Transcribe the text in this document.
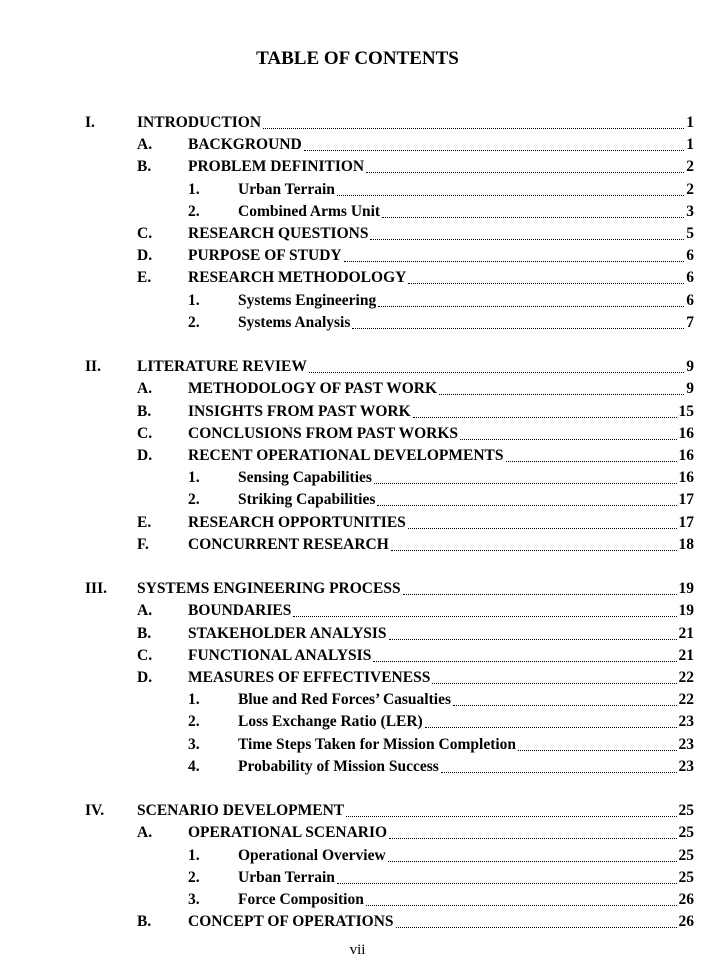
TABLE OF CONTENTS
I.	INTRODUCTION	1
A. BACKGROUND	1
B. PROBLEM DEFINITION	2
1. Urban Terrain	2
2. Combined Arms Unit	3
C. RESEARCH QUESTIONS	5
D. PURPOSE OF STUDY	6
E. RESEARCH METHODOLOGY	6
1. Systems Engineering	6
2. Systems Analysis	7
II. LITERATURE REVIEW	9
A. METHODOLOGY OF PAST WORK	9
B. INSIGHTS FROM PAST WORK	15
C. CONCLUSIONS FROM PAST WORKS	16
D. RECENT OPERATIONAL DEVELOPMENTS	16
1. Sensing Capabilities	16
2. Striking Capabilities	17
E. RESEARCH OPPORTUNITIES	17
F.	CONCURRENT RESEARCH	18
III. SYSTEMS ENGINEERING PROCESS	19
A. BOUNDARIES	19
B. STAKEHOLDER ANALYSIS	21
C. FUNCTIONAL ANALYSIS	21
D. MEASURES OF EFFECTIVENESS	22
1. Blue and Red Forces’ Casualties	22
2. Loss Exchange Ratio (LER)	23
3. Time Steps Taken for Mission Completion	23
4. Probability of Mission Success	23
IV. SCENARIO DEVELOPMENT	25
A. OPERATIONAL SCENARIO	25
1. Operational Overview	25
2. Urban Terrain	25
3. Force Composition	26
B. CONCEPT OF OPERATIONS	26
vii
